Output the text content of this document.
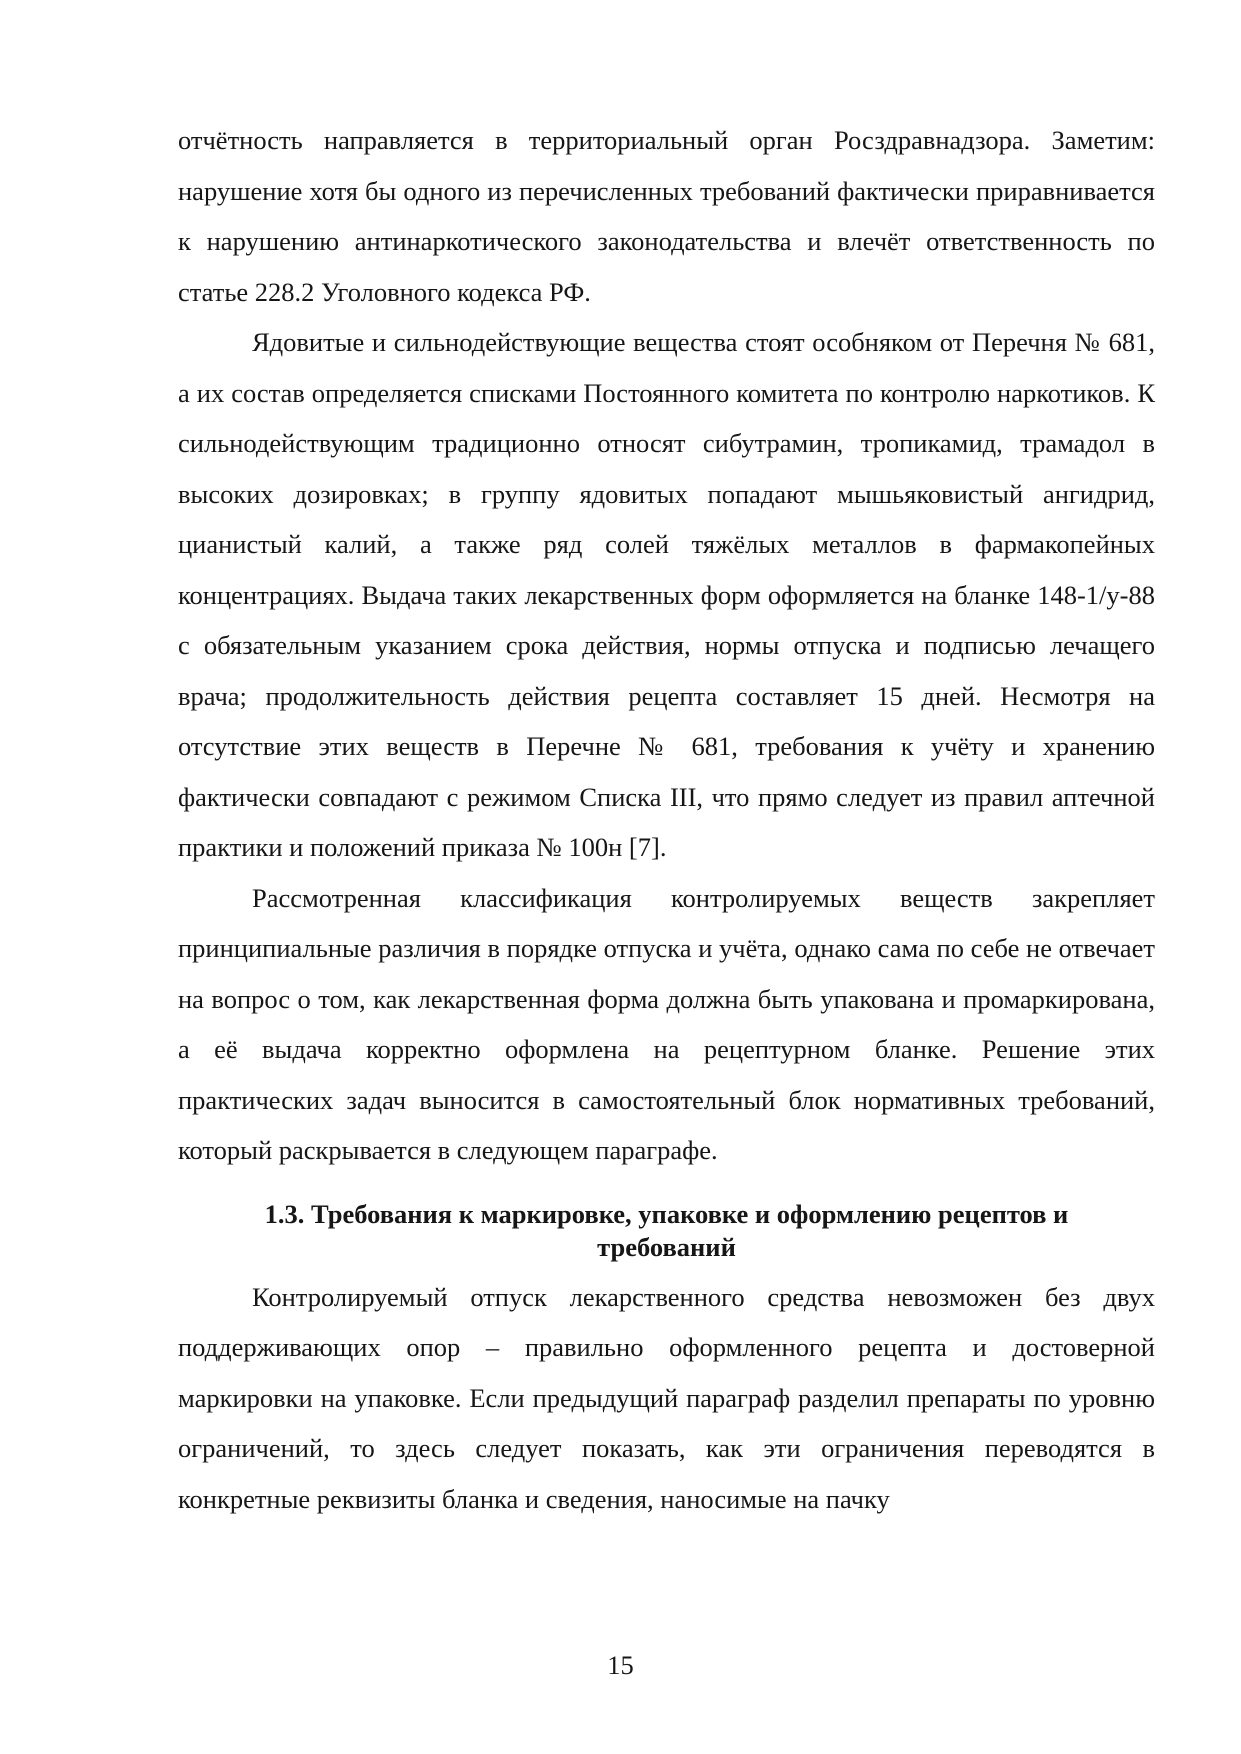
отчётность направляется в территориальный орган Росздравнадзора. Заметим: нарушение хотя бы одного из перечисленных требований фактически приравнивается к нарушению антинаркотического законодательства и влечёт ответственность по статье 228.2 Уголовного кодекса РФ.

Ядовитые и сильнодействующие вещества стоят особняком от Перечня № 681, а их состав определяется списками Постоянного комитета по контролю наркотиков. К сильнодействующим традиционно относят сибутрамин, тропикамид, трамадол в высоких дозировках; в группу ядовитых попадают мышьяковистый ангидрид, цианистый калий, а также ряд солей тяжёлых металлов в фармакопейных концентрациях. Выдача таких лекарственных форм оформляется на бланке 148-1/у-88 с обязательным указанием срока действия, нормы отпуска и подписью лечащего врача; продолжительность действия рецепта составляет 15 дней. Несмотря на отсутствие этих веществ в Перечне № 681, требования к учёту и хранению фактически совпадают с режимом Списка III, что прямо следует из правил аптечной практики и положений приказа № 100н [7].

Рассмотренная классификация контролируемых веществ закрепляет принципиальные различия в порядке отпуска и учёта, однако сама по себе не отвечает на вопрос о том, как лекарственная форма должна быть упакована и промаркирована, а её выдача корректно оформлена на рецептурном бланке. Решение этих практических задач выносится в самостоятельный блок нормативных требований, который раскрывается в следующем параграфе.

1.3. Требования к маркировке, упаковке и оформлению рецептов и
требований

Контролируемый отпуск лекарственного средства невозможен без двух поддерживающих опор – правильно оформленного рецепта и достоверной маркировки на упаковке. Если предыдущий параграф разделил препараты по уровню ограничений, то здесь следует показать, как эти ограничения переводятся в конкретные реквизиты бланка и сведения, наносимые на пачку

15
